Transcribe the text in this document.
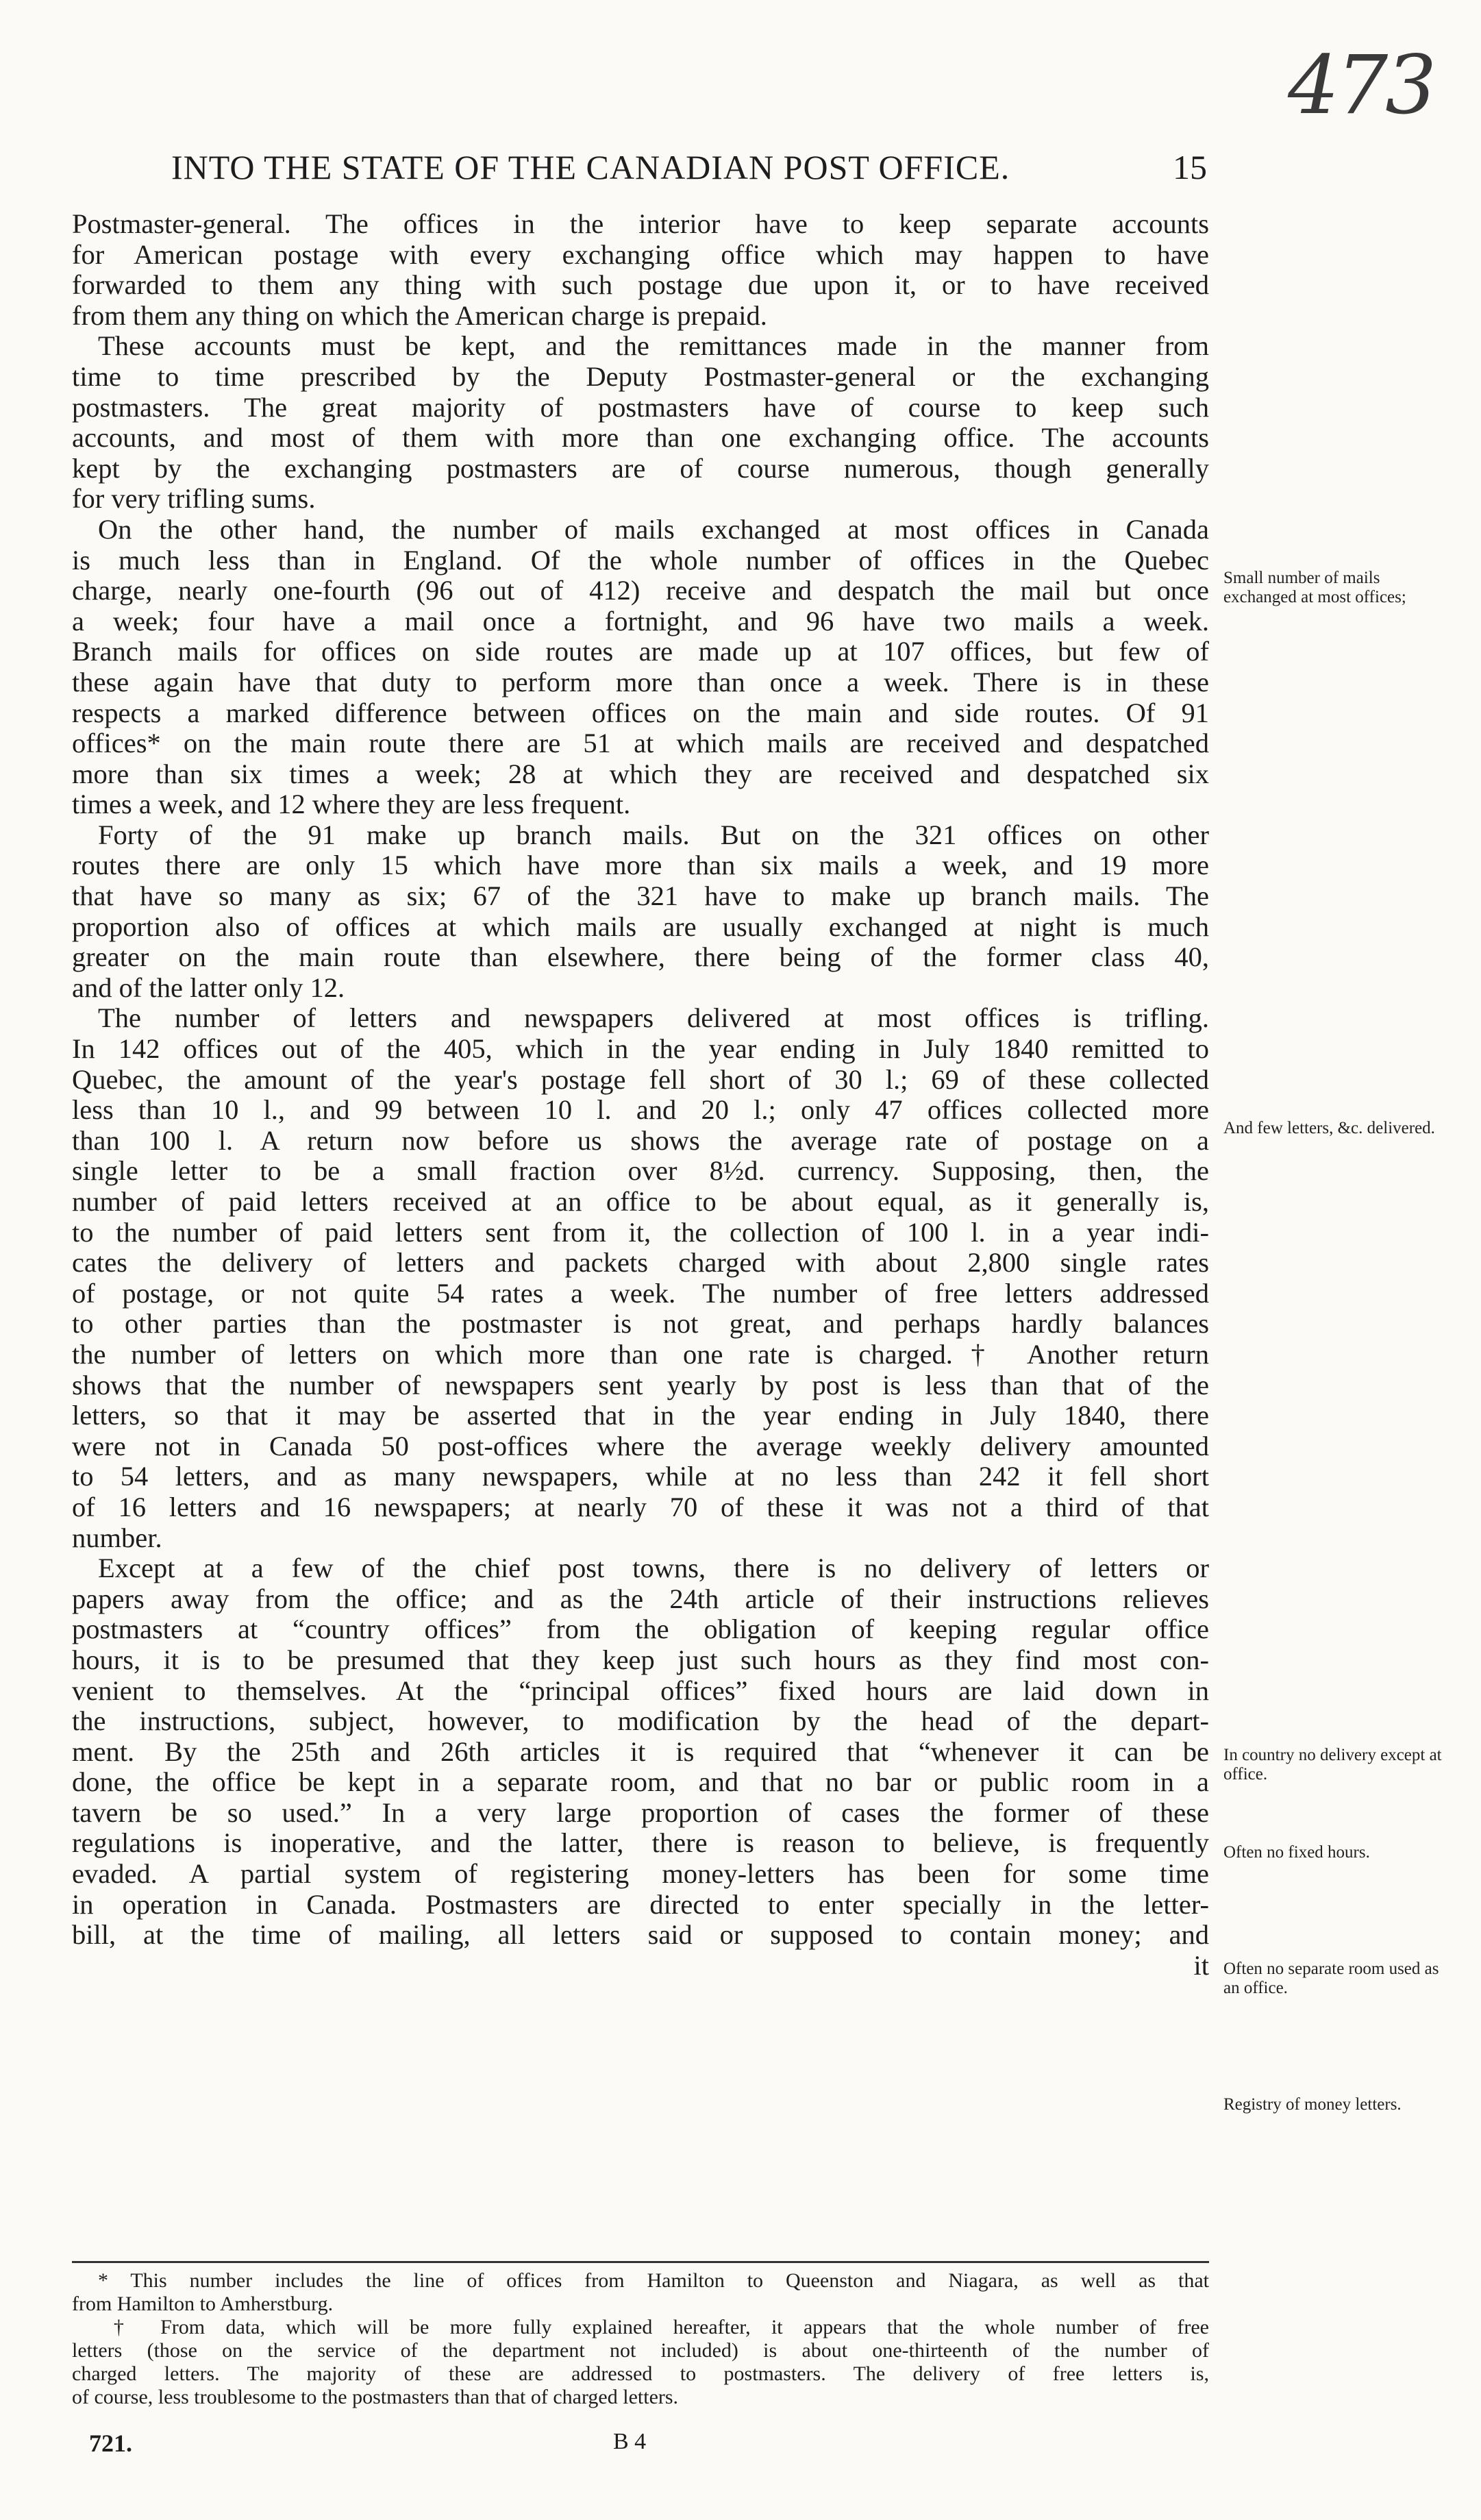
473
INTO THE STATE OF THE CANADIAN POST OFFICE.	15

Postmaster-general. The offices in the interior have to keep separate accounts

for American postage with every exchanging office which may happen to have

forwarded to them any thing with such postage due upon it, or to have received

from them any thing on which the American charge is prepaid.

These accounts must be kept, and the remittances made in the manner from

time to time prescribed by the Deputy Postmaster-general or the exchanging

postmasters. The great majority of postmasters have of course to keep such

accounts, and most of them with more than one exchanging office. The accounts

kept by the exchanging postmasters are of course numerous, though generally

for very trifling sums.

On the other hand, the number of mails exchanged at most offices in Canada

is much less than in England. Of the whole number of offices in the Quebec

charge, nearly one-fourth (96 out of 412) receive and despatch the mail but once

a week; four have a mail once a fortnight, and 96 have two mails a week.

Branch mails for offices on side routes are made up at 107 offices, but few of

these again have that duty to perform more than once a week. There is in these

respects a marked difference between offices on the main and side routes. Of 91

offices* on the main route there are 51 at which mails are received and despatched

more than six times a week; 28 at which they are received and despatched six

times a week, and 12 where they are less frequent.

Forty of the 91 make up branch mails. But on the 321 offices on other

routes there are only 15 which have more than six mails a week, and 19 more

that have so many as six; 67 of the 321 have to make up branch mails. The

proportion also of offices at which mails are usually exchanged at night is much

greater on the main route than elsewhere, there being of the former class 40,

and of the latter only 12.

The number of letters and newspapers delivered at most offices is trifling.

In 142 offices out of the 405, which in the year ending in July 1840 remitted to

Quebec, the amount of the year's postage fell short of 30 l.; 69 of these collected

less than 10 l., and 99 between 10 l. and 20 l.; only 47 offices collected more

than 100 l. A return now before us shows the average rate of postage on a

single letter to be a small fraction over 8½d. currency. Supposing, then, the

number of paid letters received at an office to be about equal, as it generally is,

to the number of paid letters sent from it, the collection of 100 l. in a year indi-

cates the delivery of letters and packets charged with about 2,800 single rates

of postage, or not quite 54 rates a week. The number of free letters addressed

to other parties than the postmaster is not great, and perhaps hardly balances

the number of letters on which more than one rate is charged.† Another return

shows that the number of newspapers sent yearly by post is less than that of the

letters, so that it may be asserted that in the year ending in July 1840, there

were not in Canada 50 post-offices where the average weekly delivery amounted

to 54 letters, and as many newspapers, while at no less than 242 it fell short

of 16 letters and 16 newspapers; at nearly 70 of these it was not a third of that

number.

Except at a few of the chief post towns, there is no delivery of letters or

papers away from the office; and as the 24th article of their instructions relieves

postmasters at “country offices” from the obligation of keeping regular office

hours, it is to be presumed that they keep just such hours as they find most con-

venient to themselves. At the “principal offices” fixed hours are laid down in

the instructions, subject, however, to modification by the head of the depart-

ment. By the 25th and 26th articles it is required that “whenever it can be

done, the office be kept in a separate room, and that no bar or public room in a

tavern be so used.” In a very large proportion of cases the former of these

regulations is inoperative, and the latter, there is reason to believe, is frequently

evaded. A partial system of registering money-letters has been for some time

in operation in Canada. Postmasters are directed to enter specially in the letter-

bill, at the time of mailing, all letters said or supposed to contain money; and

it

Small number of mails exchanged at most offices;
And few letters, &c. delivered.
In country no delivery except at office.
Often no fixed hours.
Often no separate room used as an office.
Registry of money letters.

* This number includes the line of offices from Hamilton to Queenston and Niagara, as well as that

from Hamilton to Amherstburg.

† From data, which will be more fully explained hereafter, it appears that the whole number of free

letters (those on the service of the department not included) is about one-thirteenth of the number of

charged letters. The majority of these are addressed to postmasters. The delivery of free letters is,

of course, less troublesome to the postmasters than that of charged letters.

721.	B 4
